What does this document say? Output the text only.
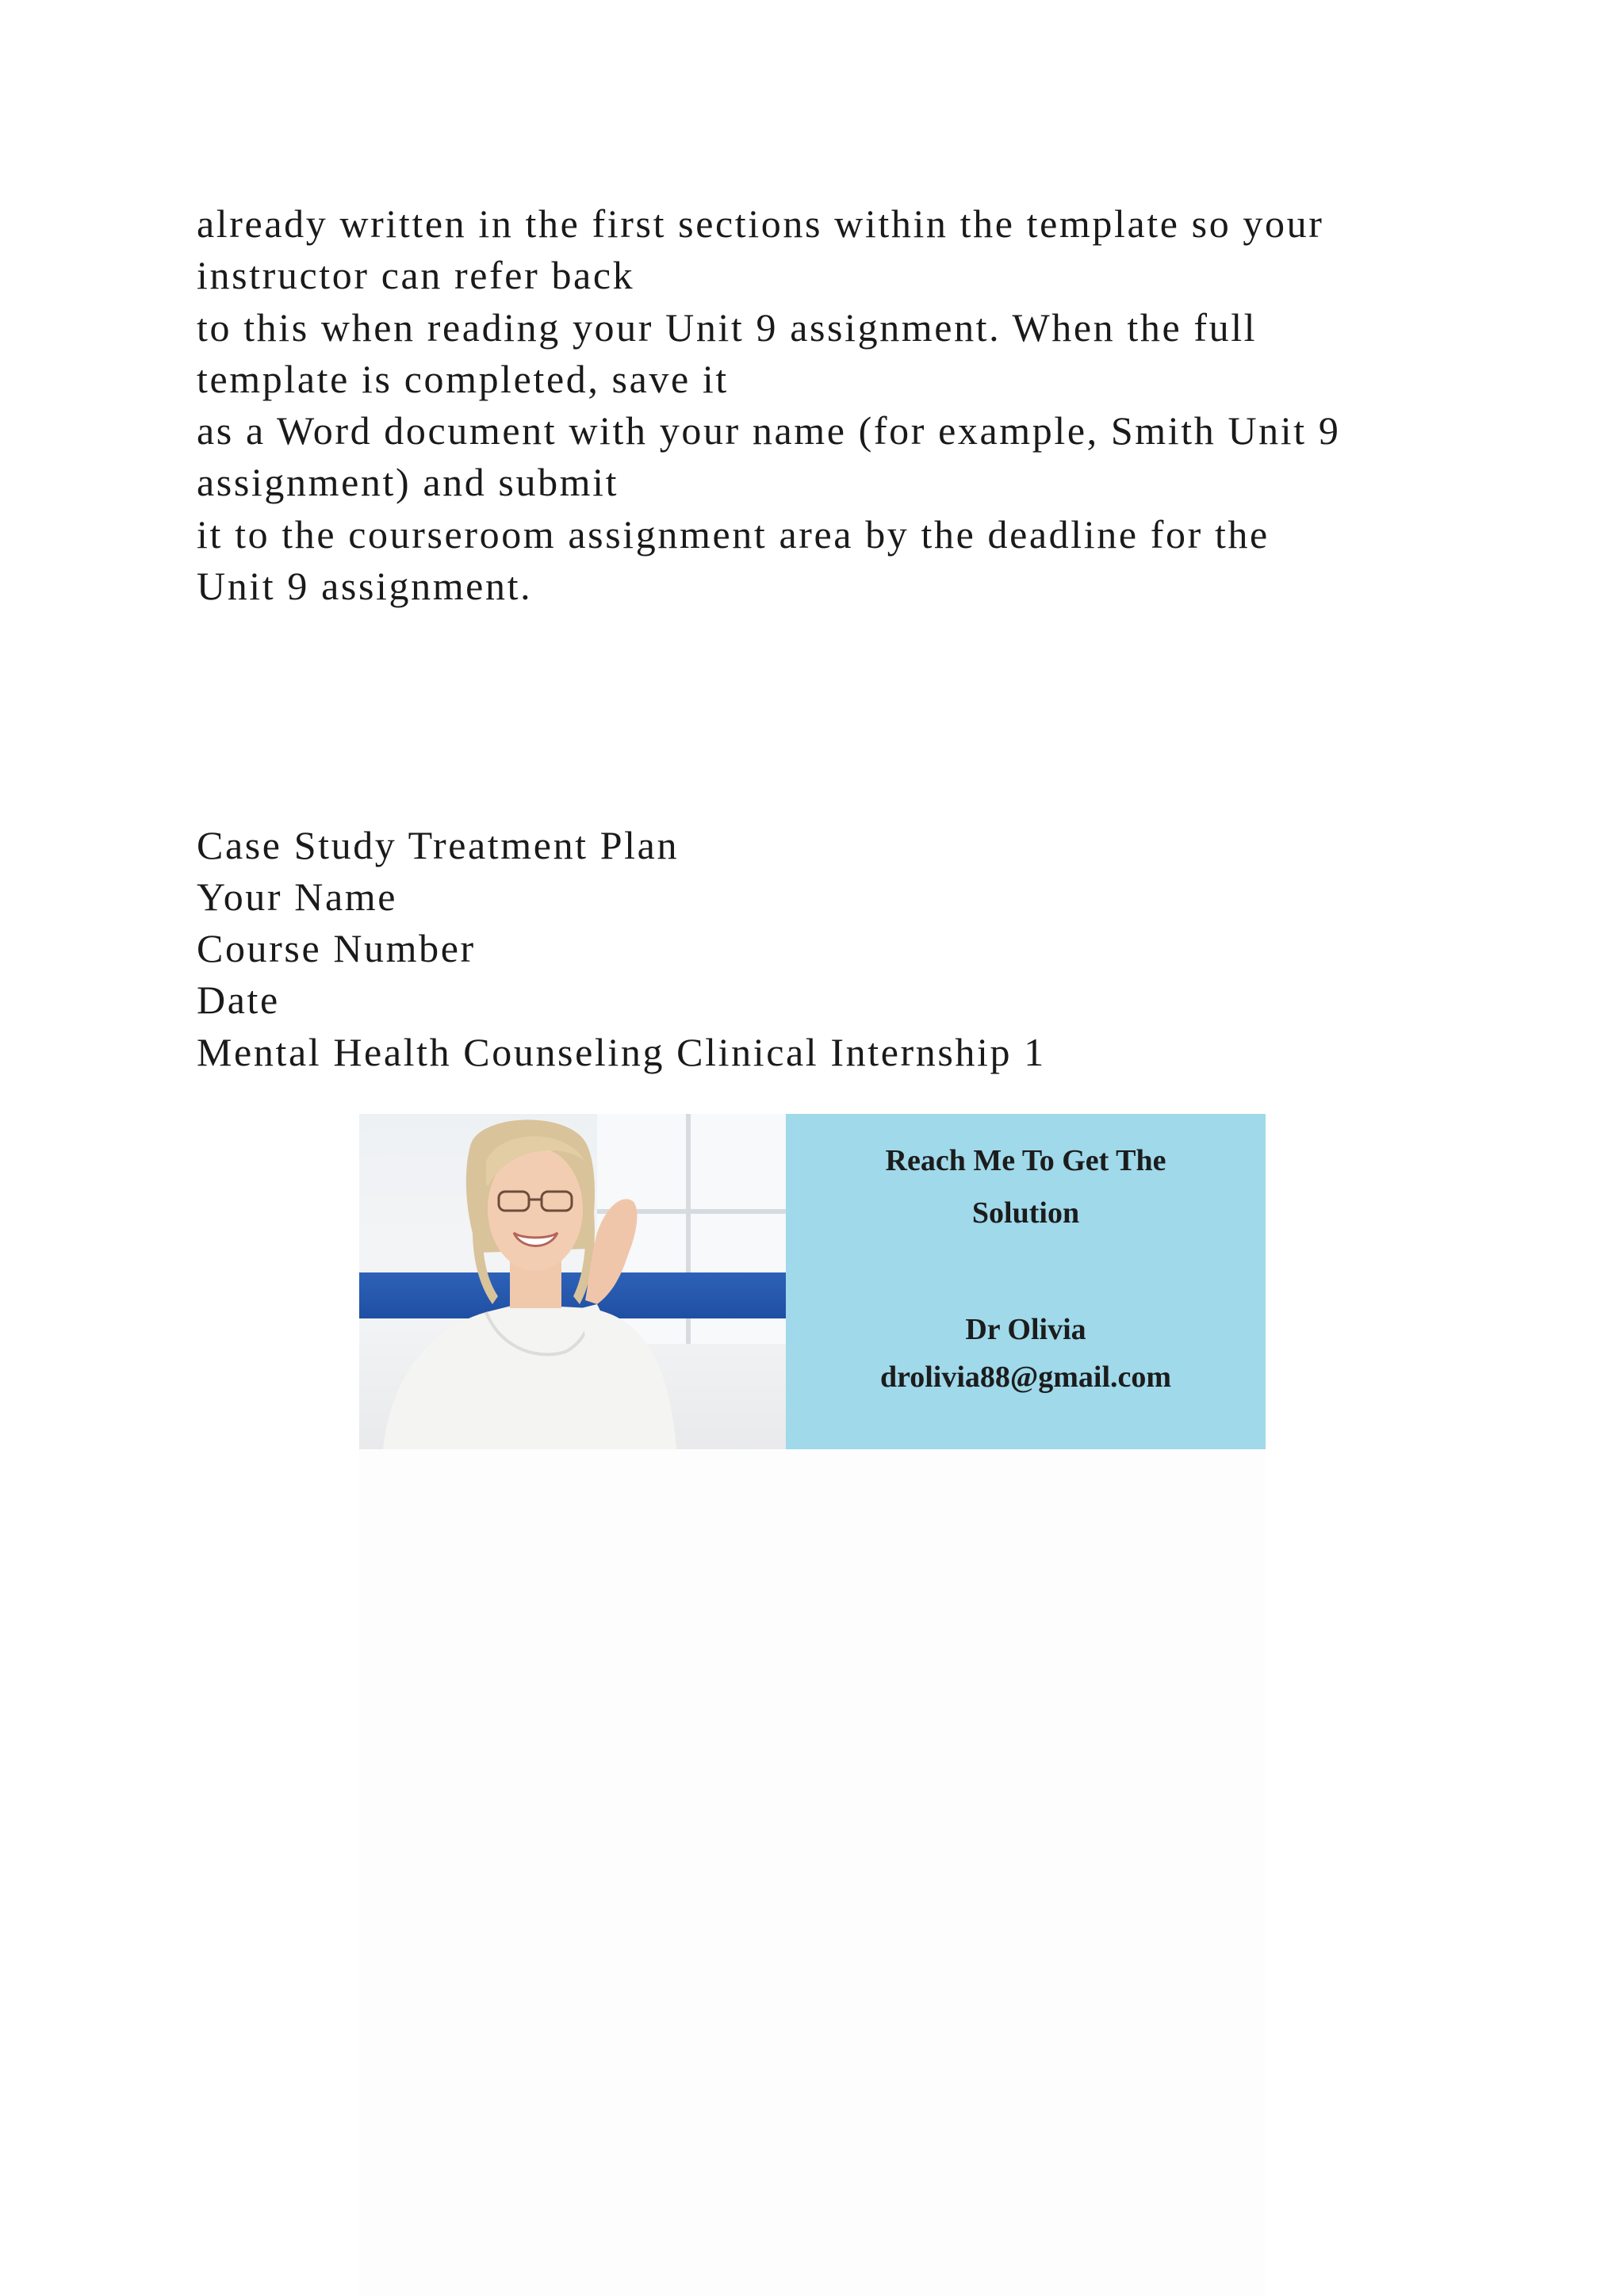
already written in the first sections within the template so your

instructor can refer back

to this when reading your Unit 9 assignment. When the full

template is completed, save it

as a Word document with your name (for example, Smith Unit 9

assignment) and submit

it to the courseroom assignment area by the deadline for the

Unit 9 assignment.

Case Study Treatment Plan

Your Name

Course Number

Date

Mental Health Counseling Clinical Internship 1

Reach Me To Get The

Solution

Dr Olivia

drolivia88@gmail.com
